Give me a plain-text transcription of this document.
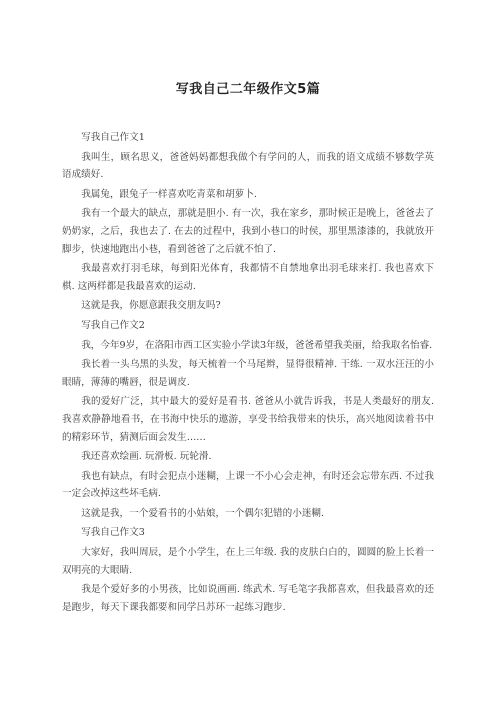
写我自己二年级作文5篇

写我自己作文1

我叫生，顾名思义，爸爸妈妈都想我做个有学问的人，而我的语文成绩不够数学英语成绩好.

我属兔，跟兔子一样喜欢吃青菜和胡萝卜.

我有一个最大的缺点，那就是胆小. 有一次，我在家乡，那时候正是晚上，爸爸去了奶奶家，之后，我也去了. 在去的过程中，我到小巷口的时侯，那里黑漆漆的，我就放开脚步，快速地跑出小巷，看到爸爸了之后就不怕了.

我最喜欢打羽毛球，每到阳光体育，我都情不自禁地拿出羽毛球来打. 我也喜欢下棋. 这两样都是我最喜欢的运动.

这就是我，你愿意跟我交朋友吗?

写我自己作文2

我，今年9岁，在洛阳市西工区实验小学读3年级，爸爸希望我美丽，给我取名怡睿.

我长着一头乌黑的头发，每天梳着一个马尾辫，显得很精神. 干练. 一双水汪汪的小眼睛，薄薄的嘴唇，很是调皮.

我的爱好广泛，其中最大的爱好是看书. 爸爸从小就告诉我，书是人类最好的朋友. 我喜欢静静地看书，在书海中快乐的遨游，享受书给我带来的快乐，高兴地阅读着书中的精彩环节，猜测后面会发生……

我还喜欢绘画. 玩滑板. 玩轮滑.

我也有缺点，有时会犯点小迷糊，上课一不小心会走神，有时还会忘带东西. 不过我一定会改掉这些坏毛病.

这就是我，一个爱看书的小姑娘，一个偶尔犯错的小迷糊.

写我自己作文3

大家好，我叫周辰，是个小学生，在上三年级. 我的皮肤白白的，圆圆的脸上长着一双明亮的大眼睛.

我是个爱好多的小男孩，比如说画画. 练武术. 写毛笔字我都喜欢，但我最喜欢的还是跑步，每天下课我都要和同学吕苏环一起练习跑步.
